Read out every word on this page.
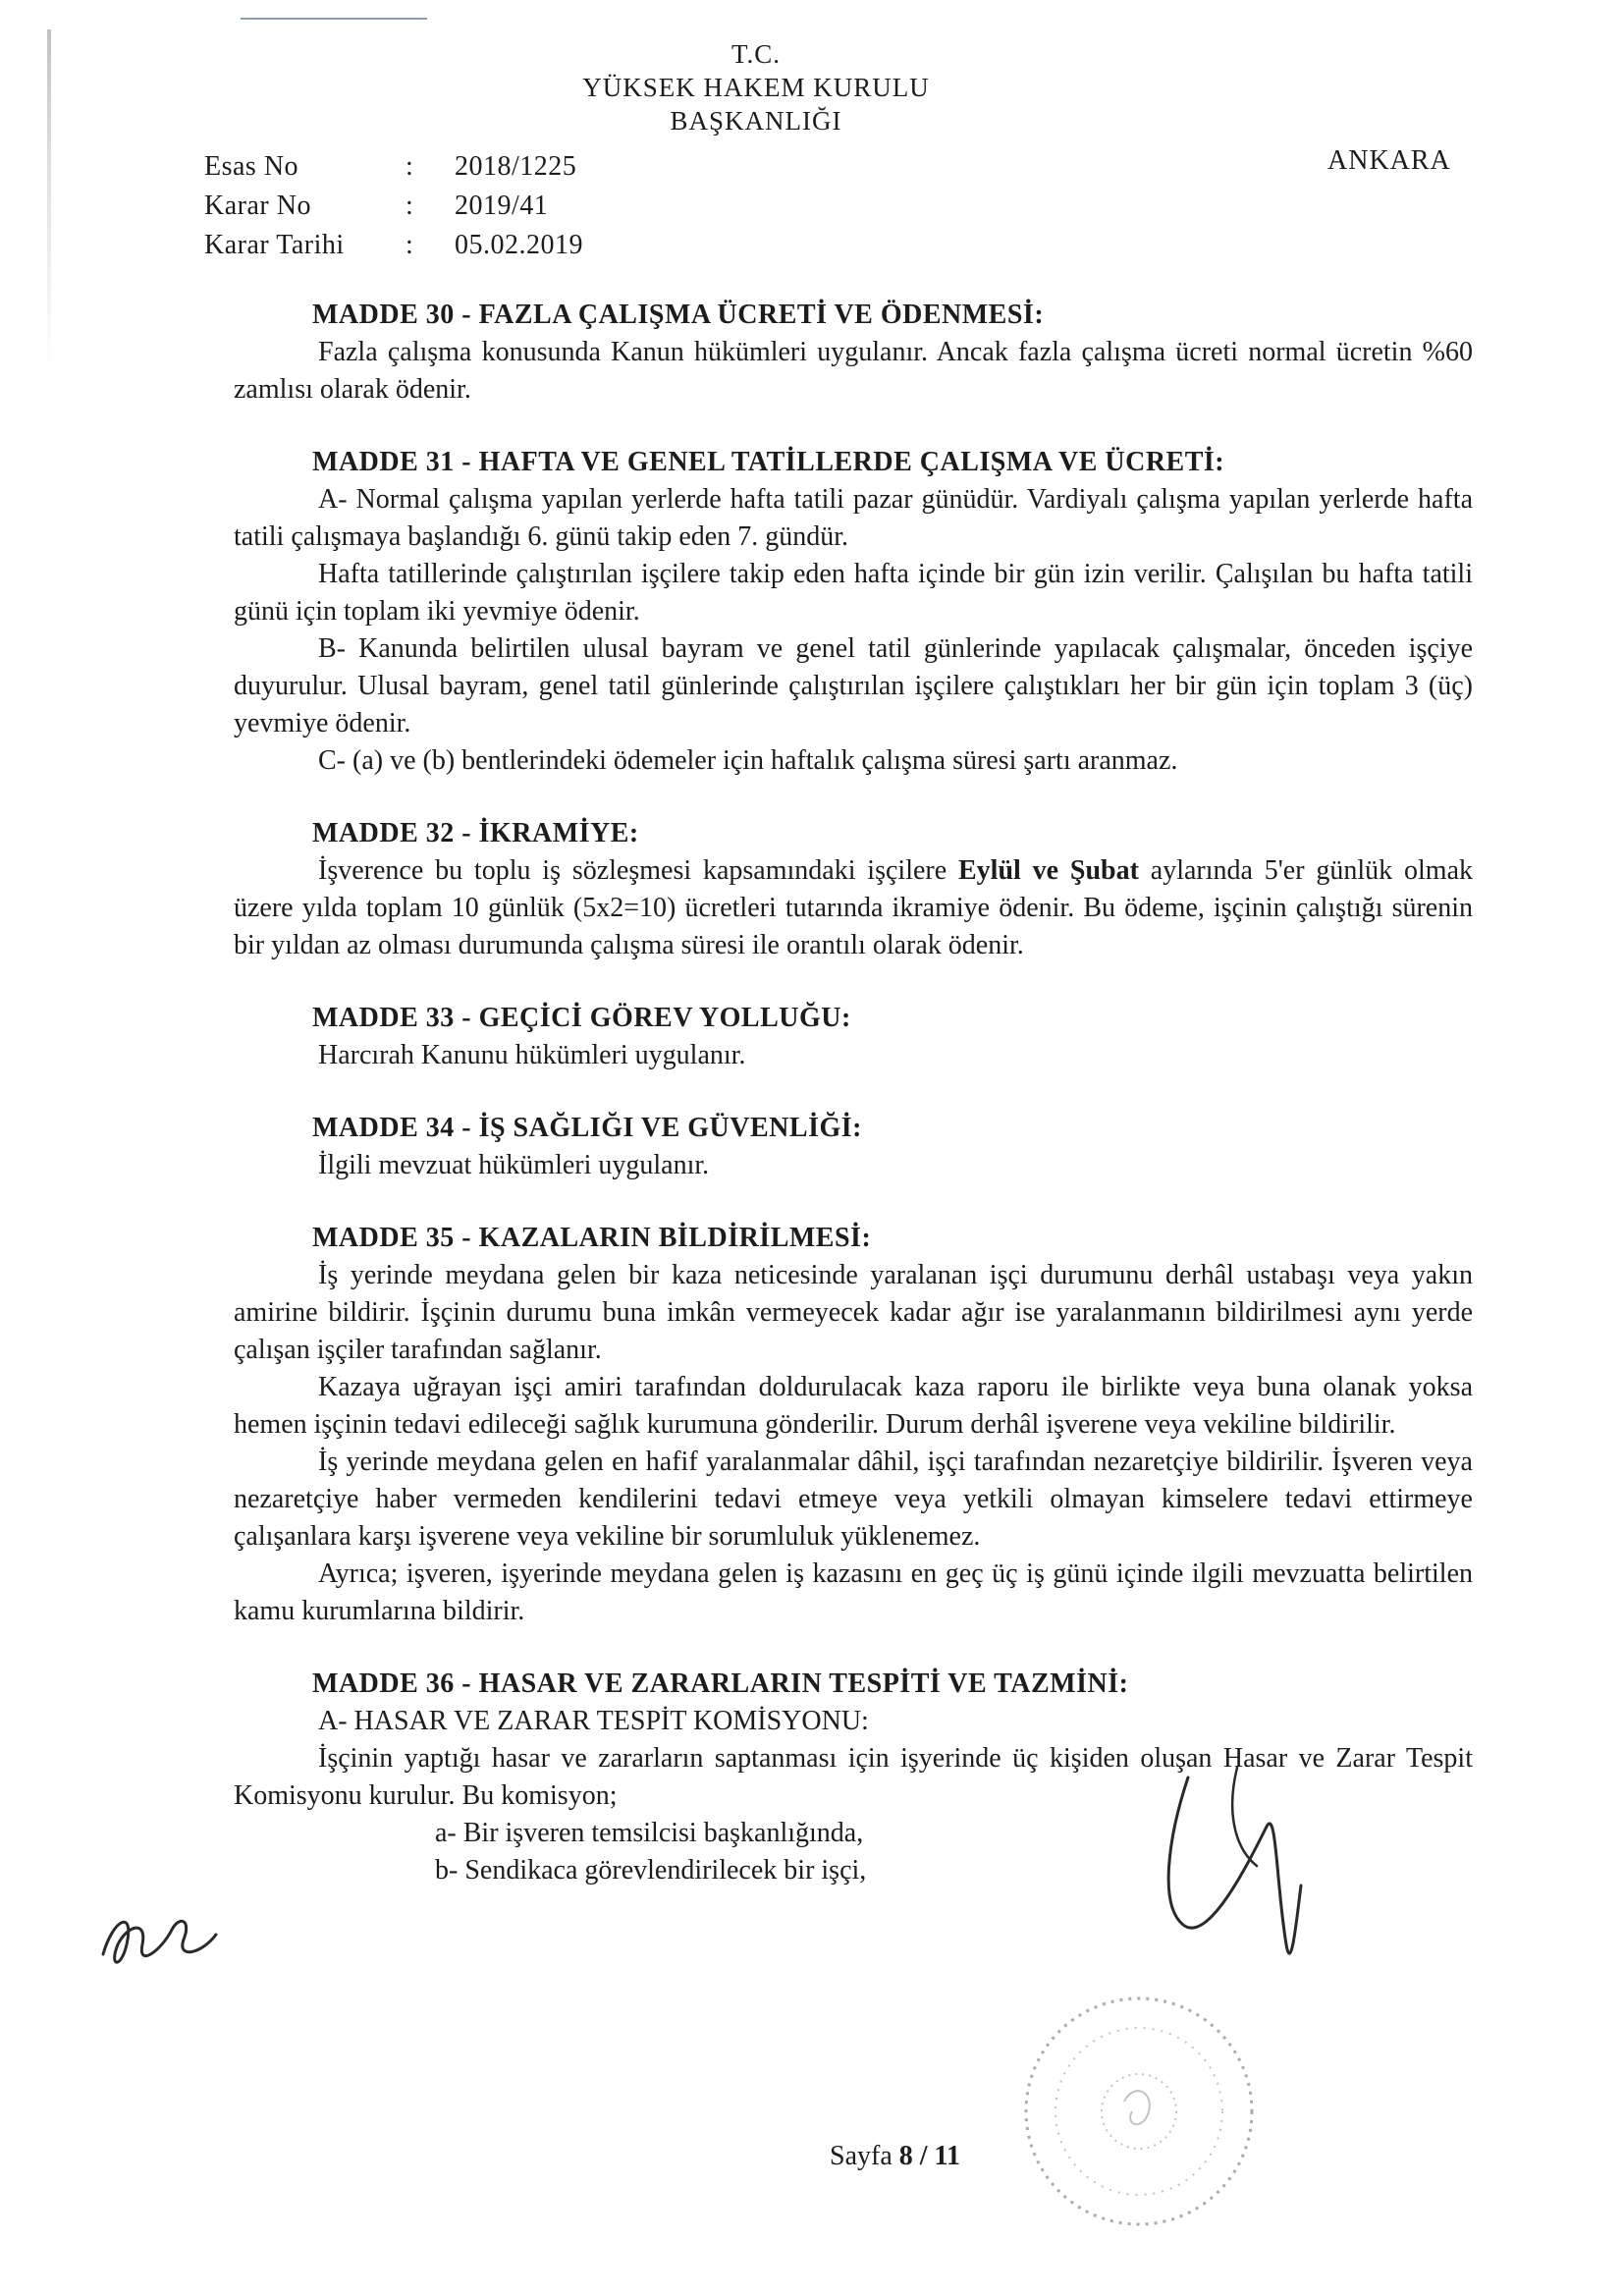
T.C.
YÜKSEK HAKEM KURULU
BAŞKANLIĞI
ANKARA
Esas No	:	2018/1225
Karar No	:	2019/41
Karar Tarihi	:	05.02.2019
MADDE 30 - FAZLA ÇALIŞMA ÜCRETİ VE ÖDENMESİ:

Fazla çalışma konusunda Kanun hükümleri uygulanır. Ancak fazla çalışma ücreti normal ücretin %60 zamlısı olarak ödenir.

MADDE 31 - HAFTA VE GENEL TATİLLERDE ÇALIŞMA VE ÜCRETİ:

A- Normal çalışma yapılan yerlerde hafta tatili pazar günüdür. Vardiyalı çalışma yapılan yerlerde hafta tatili çalışmaya başlandığı 6. günü takip eden 7. gündür.

Hafta tatillerinde çalıştırılan işçilere takip eden hafta içinde bir gün izin verilir. Çalışılan bu hafta tatili günü için toplam iki yevmiye ödenir.

B- Kanunda belirtilen ulusal bayram ve genel tatil günlerinde yapılacak çalışmalar, önceden işçiye duyurulur. Ulusal bayram, genel tatil günlerinde çalıştırılan işçilere çalıştıkları her bir gün için toplam 3 (üç) yevmiye ödenir.

C- (a) ve (b) bentlerindeki ödemeler için haftalık çalışma süresi şartı aranmaz.

MADDE 32 - İKRAMİYE:

İşverence bu toplu iş sözleşmesi kapsamındaki işçilere Eylül ve Şubat aylarında 5'er günlük olmak üzere yılda toplam 10 günlük (5x2=10) ücretleri tutarında ikramiye ödenir. Bu ödeme, işçinin çalıştığı sürenin bir yıldan az olması durumunda çalışma süresi ile orantılı olarak ödenir.

MADDE 33 - GEÇİCİ GÖREV YOLLUĞU:

Harcırah Kanunu hükümleri uygulanır.

MADDE 34 - İŞ SAĞLIĞI VE GÜVENLİĞİ:

İlgili mevzuat hükümleri uygulanır.

MADDE 35 - KAZALARIN BİLDİRİLMESİ:

İş yerinde meydana gelen bir kaza neticesinde yaralanan işçi durumunu derhâl ustabaşı veya yakın amirine bildirir. İşçinin durumu buna imkân vermeyecek kadar ağır ise yaralanmanın bildirilmesi aynı yerde çalışan işçiler tarafından sağlanır.

Kazaya uğrayan işçi amiri tarafından doldurulacak kaza raporu ile birlikte veya buna olanak yoksa hemen işçinin tedavi edileceği sağlık kurumuna gönderilir. Durum derhâl işverene veya vekiline bildirilir.

İş yerinde meydana gelen en hafif yaralanmalar dâhil, işçi tarafından nezaretçiye bildirilir. İşveren veya nezaretçiye haber vermeden kendilerini tedavi etmeye veya yetkili olmayan kimselere tedavi ettirmeye çalışanlara karşı işverene veya vekiline bir sorumluluk yüklenemez.

Ayrıca; işveren, işyerinde meydana gelen iş kazasını en geç üç iş günü içinde ilgili mevzuatta belirtilen kamu kurumlarına bildirir.

MADDE 36 - HASAR VE ZARARLARIN TESPİTİ VE TAZMİNİ:

A- HASAR VE ZARAR TESPİT KOMİSYONU:

İşçinin yaptığı hasar ve zararların saptanması için işyerinde üç kişiden oluşan Hasar ve Zarar Tespit Komisyonu kurulur. Bu komisyon;

a- Bir işveren temsilcisi başkanlığında,
b- Sendikaca görevlendirilecek bir işçi,
Sayfa 8 / 11
